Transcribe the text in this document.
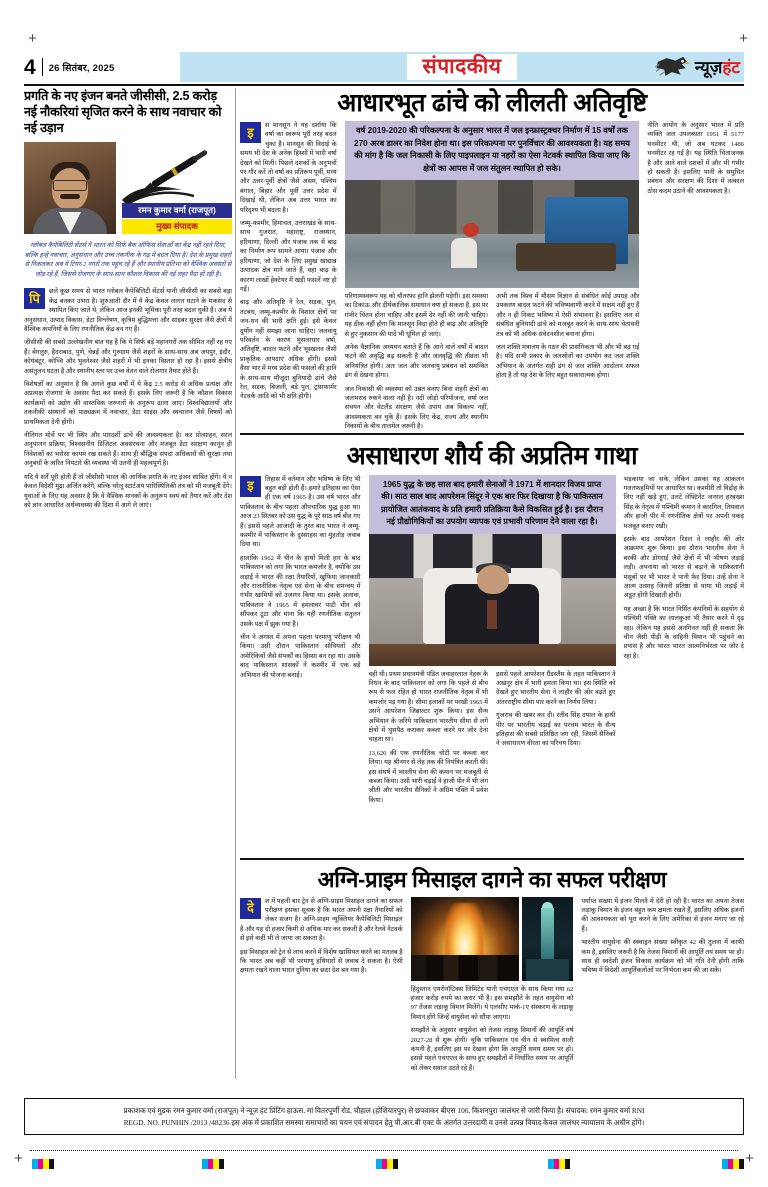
+	+
+	+
4 26 सितंबर, 2025	संपादकीय	न्यूज़हंट
प्रगति के नए इंजन बनते जीसीसी, 2.5 करोड़ नई नौकरियां सृजित करने के साथ नवाचार को नई उड़ान
रमन कुमार वर्मा (राजपूत)
मुख्य संपादक
ग्लोबल कैपेबिलिटी सेंटर्स ने भारत को सिर्फ बैक ऑफिस सेवाओं का केंद्र नहीं रहने दिया, बल्कि इन्हें नवाचार, अनुसंधान और उच्च तकनीक के गढ़ में बदल दिया है। देश के प्रमुख शहरों से निकलकर अब ये टियर-2 नगरों तक पहुंच रहे हैं और स्थानीय प्रतिभा को वैश्विक अवसरों से जोड़ रहे हैं, जिससे रोजगार के साथ-साथ कौशल विकास की नई लहर पैदा हो रही है।

पि	छले कुछ समय से भारत ग्लोबल कैपेबिलिटी सेंटर्स यानी जीसीसी का सबसे बड़ा केंद्र बनकर उभरा है। शुरुआती दौर में ये केंद्र केवल लागत घटाने के मकसद से स्थापित किए जाते थे, लेकिन आज इनकी भूमिका पूरी तरह बदल चुकी है। अब ये अनुसंधान, उत्पाद विकास, डेटा विश्लेषण, कृत्रिम बुद्धिमत्ता और साइबर सुरक्षा जैसे क्षेत्रों में वैश्विक कंपनियों के लिए रणनीतिक केंद्र बन गए हैं।

जीसीसी की सबसे उल्लेखनीय बात यह है कि ये सिर्फ बड़े महानगरों तक सीमित नहीं रह गए हैं। बेंगलुरु, हैदराबाद, पुणे, चेन्नई और गुरुग्राम जैसे शहरों के साथ-साथ अब जयपुर, इंदौर, कोयंबटूर, कोच्चि और भुवनेश्वर जैसे शहरों में भी इनका विस्तार हो रहा है। इससे क्षेत्रीय असंतुलन घटता है और स्थानीय स्तर पर उच्च वेतन वाले रोजगार तैयार होते हैं।

विशेषज्ञों का अनुमान है कि अगले कुछ वर्षों में ये केंद्र 2.5 करोड़ से अधिक प्रत्यक्ष और अप्रत्यक्ष रोजगार के अवसर पैदा कर सकते हैं। इसके लिए जरूरी है कि कौशल विकास कार्यक्रमों को उद्योग की वास्तविक जरूरतों के अनुरूप ढाला जाए। विश्वविद्यालयों और तकनीकी संस्थानों को पाठ्यक्रम में नवाचार, डेटा साइंस और स्वचालन जैसे विषयों को प्राथमिकता देनी होगी।

नीतिगत मोर्चे पर भी स्थिर और पारदर्शी ढांचे की आवश्यकता है। कर प्रोत्साहन, सरल अनुपालन प्रक्रिया, विश्वसनीय डिजिटल अवसंरचना और मजबूत डेटा संरक्षण कानून ही निवेशकों का भरोसा कायम रख सकते हैं। साथ ही बौद्धिक संपदा अधिकारों की सुरक्षा तथा अनुबंधों के त्वरित निपटारे की व्यवस्था भी उतनी ही महत्वपूर्ण है।

यदि ये शर्तें पूरी होती हैं तो जीसीसी भारत की आर्थिक प्रगति के नए इंजन साबित होंगे। ये न केवल विदेशी मुद्रा अर्जित करेंगे, बल्कि घरेलू स्टार्टअप पारिस्थितिकी तंत्र को भी मजबूती देंगे। युवाओं के लिए यह अवसर है कि वे वैश्विक मानकों के अनुरूप स्वयं को तैयार करें और देश को ज्ञान आधारित अर्थव्यवस्था की दिशा में आगे ले जाएं।

आधारभूत ढांचे को लीलती अतिवृष्टि

इ	स मानसून ने यह दर्शाया कि वर्षा का स्वरूप पूरी तरह बदल चुका है। मानसून की विदाई के समय भी देश के अनेक हिस्सों में भारी वर्षा देखने को मिली। पिछले दशकों के अनुभवों पर गौर करें तो वर्षा का प्रतिरूप पूर्वी, मध्य और उत्तर-पूर्वी क्षेत्रों जैसे असम, पश्चिम बंगाल, बिहार और पूर्वी उत्तर प्रदेश में दिखाई थी, लेकिन अब उत्तर भारत का परिदृश्य भी बदला है।

जम्मू-कश्मीर, हिमाचल, उत्तराखंड के साथ-साथ गुजरात, महाराष्ट्र, राजस्थान, हरियाणा, दिल्ली और पंजाब तक में बाढ़ का निर्माण रूप सामने आया। पंजाब और हरियाणा, जो देश के लिए प्रमुख खाद्यान्न उत्पादक क्षेत्र माने जाते हैं, वहां बाढ़ के कारण लाखों हेक्टेयर में खड़ी फसलें नष्ट हो गईं।

बाढ़ और अतिवृष्टि ने रेल, सड़क, पुल, तटबंध, जम्मू-कश्मीर के विशाल क्षेत्रों पर जन-धन की भारी क्षति हुई। इसे केवल दुर्योग नहीं समझा जाना चाहिए। जलवायु परिवर्तन के कारण मूसलाधार वर्षा, अतिवृष्टि, बादल फटने और भूस्खलन जैसी प्राकृतिक आपदाएं अधिक होंगी। इससे वैसा भार में मध्य प्रदेश की फसलों की हानि के साथ-साथ मौजूदा बुनियादी ढांचे जैसे रेल, सड़क, बिजली, बड़े पुल, ट्रांसफार्मर नेटवर्क आदि को भी क्षति होगी।

वर्ष 2019-2020 की परिकल्पना के अनुसार भारत में जल इन्फ्रास्ट्रक्चर निर्माण में 15 वर्षों तक 270 अरब डालर का निवेश होना था। इस परिकल्पना पर पुनर्विचार की आवश्यकता है। यह समय की मांग है कि जल निकासी के लिए पाइपलाइन या नहरों का ऐसा नेटवर्क स्थापित किया जाए कि क्षेत्रों का आपस में जल संतुलन स्थापित हो सके।

परिणामस्वरूप यह को चौतरफा हानि झेलनी पड़ेगी। इस समस्या का टिकाऊ और दीर्घकालिक समाधान क्या हो सकता है, इस पर गंभीर चिंतन होना चाहिए और इसमें देर नहीं की जानी चाहिए। यह ठीक नहीं होगा कि मानसून विदा होते ही बाढ़ और अतिवृष्टि से हुए नुकसान की यादें भी धूमिल हो जाएं।

अनेक वैज्ञानिक अध्ययन बताते हैं कि आने वाले वर्षों में बादल फटने की अवृद्धि बढ़ सकती है और जलवृद्धि की तीव्रता भी अनियंत्रित होगी। अतः जल और जलवायु प्रबंधन को समन्वित ढंग से देखना होगा।

जल निकासी की व्यवस्था को उन्नत बनाए बिना शहरी क्षेत्रों का जलभराव रुकने वाला नहीं है। नदी जोड़ो परियोजना, वर्षा जल संचयन और वेटलैंड संरक्षण जैसे उपाय अब विकल्प नहीं, आवश्यकता बन चुके हैं। इसके लिए केंद्र, राज्य और स्थानीय निकायों के बीच तालमेल जरूरी है।

अभी तक विश्व में मौसम विज्ञान से संबंधित कोई उपग्रह और उपकरण बादल फटने की भविष्यवाणी करने में सक्षम नहीं हुए हैं और न ही निकट भविष्य में ऐसी संभावना है। इसलिए जल से संबंधित बुनियादी ढांचे को मजबूत करने के साथ-साथ चेतावनी तंत्र को भी अधिक संवेदनशील बनाना होगा।

जल शक्ति मंत्रालय के गठन की प्रासंगिकता भी और भी बढ़ गई है। यदि सभी प्रकार के जलस्रोतों का उपयोग कर जल शक्ति अभियान के अंतर्गत सही ढंग से जल शक्ति आंदोलन सफल होता है तो यह देश के लिए बहुत सकारात्मक होगा।

नीति आयोग के अनुसार भारत में प्रति व्यक्ति जल उपलब्धता 1951 में 5177 घनमीटर थी, जो अब घटकर 1486 घनमीटर रह गई है। यह स्थिति चिंताजनक है और आने वाले दशकों में और भी गंभीर हो सकती है। इसलिए पानी के समुचित प्रबंधन और संरक्षण की दिशा में तत्काल ठोस कदम उठाने की आवश्यकता है।

असाधारण शौर्य की अप्रतिम गाथा

इ	तिहास में वर्तमान और भविष्य के लिए भी बहुत बड़ी होती हैं। हमारे इतिहास का ऐसा ही एक वर्ष 1965 है। उस वर्ष भारत और पाकिस्तान के बीच पहला औपचारिक युद्ध हुआ था। आज 23 सितंबर को उस युद्ध के पूरे साठ वर्ष बीत गए हैं। इससे पहले आजादी के तुरंत बाद भारत ने जम्मू-कश्मीर में पाकिस्तान के दुस्साहस का मुंहतोड़ जवाब दिया था।

हालांकि 1962 में चीन के हाथों मिली हार के बाद पाकिस्तान को लगा कि भारत कमजोर है, क्योंकि उस लड़ाई ने भारत की रक्षा तैयारियों, खुफिया जानकारी और राजनीतिक नेतृत्व एवं सेना के बीच समन्वय में गंभीर खामियों को उजागर किया था। इसके अलावा, पाकिस्तान ने 1965 में हमलावर पाटी चीन को सौंपकर टूटा और माना कि यही रणनीतिक संतुलन उसके पक्ष में झुक गया है।

चीन ने अगस्त में अपना पहला परमाणु परीक्षण भी किया। उसी दौरान पाकिस्तान सोवियतों और अमेरिकियों जैसे संपर्कों का हिस्सा बन रहा था। उसके बाद पाकिस्तान शासकों ने कश्मीर में एक बड़े अभियान की योजना बनाई।

1965 युद्ध के छह साल बाद हमारी सेनाओं ने 1971 में शानदार विजय प्राप्त की। साठ साल बाद आपरेशन सिंदूर ने एक बार फिर दिखाया है कि पाकिस्तान प्रायोजित आतंकवाद के प्रति हमारी प्रतिक्रिया कैसे विकसित हुई है। इस दौरान नई प्रौद्योगिकियों का उपयोग व्यापक एवं प्रभावी परिणाम देने वाला रहा है।

वही थी। प्रथम प्रधानमंत्री पंडित जवाहरलाल नेहरू के निधन के बाद पाकिस्तान को लगा कि पहले से बीच रूप से फल रहित हो भारत राजनीतिक नेतृत्व में भी कमजोर पड़ गया है। सीमा इलाकों पर परखी 1965 में उसने आपरेशन जिब्राल्टर शुरू किया। इस सैन्य अभियान के जरिये पाकिस्तान भारतीय सीमा से लगे क्षेत्रों में घुसपैठ कराकर कब्जा करने पर जोर देना चाहता था।

13,620 की एक रणनीतिक चोटी पर कब्जा कर लिया। यह श्रीनगर से लेह तक की नियंत्रित करती थी। इस संघर्ष में भारतीय सेना की कमान पर मजबूती से कब्जा किया। उसी भारी चढ़ाई ने हाजी पीर में भी जंग जीती और भारतीय सैनिकों ने अग्रिम पंक्ति में प्रवेश किया।

इससे पहले आपरेशन ग्रैंडस्लैम के तहत पाकिस्तान ने अखनूर क्षेत्र में भारी हमला किया था। इस स्थिति को देखते हुए भारतीय सेना ने लाहौर की ओर बढ़ते हुए अंतरराष्ट्रीय सीमा पार करने का निर्णय लिया।

गुंजराव की खबर कर दी। रतीव सिंह दयाल के हाथी पीर पर भारतीय चढ़ाई का परचम भारत के सैन्य इतिहास की सबसे प्रतिष्ठित जंग रही, जिसमें सैनिकों ने असाधारण वीरता का परिचय दिया।

भड़काया जा सके, लेकिन उसका यह आकलन गलतफहमियों पर आधारित था। कश्मीरी तो विद्रोह के लिए नहीं खड़े हुए, उलटे लेफ्टिनेंट जनरल हरबख्श सिंह के नेतृत्व में पश्चिमी कमान ने कारगिल, तिथवाल और हाजी पीर में रणनीतिक क्षेत्रों पर अपनी पकड़ मजबूत बनाए रखी।

इसके बाद आपरेशन रिडल ने लाहौर की ओर आक्रमण शुरू किया। इस दौरान भारतीय सेना ने बरकी और डोगराई जैसे क्षेत्रों में भी भीषण लड़ाई लड़ी। अपनाया को भारत से बढ़ाने के पाकिस्तानी मंसूबों पर भी भारत ने पानी फेर दिया। उन्हें सेना ने आत्म उत्साह जितनी प्रतिष्ठा से पाया भी लड़ाई में अडूत होंगी दिखाती होगी।

यह अच्छा है कि भारत निर्मित कंपनियों के सहयोग से पश्चिमी पंक्ति का लालकुआं भी तैयार करने में दृढ़ रहा। लेकिन यह इससे अनगिनत नहीं ही सकता कि चीन जैसी पीड़ी के वाहिनी विमान भी पहुंचने का प्रयास है और भारत भारत आत्मनिर्भरता पर जोर दे रहा है।

अग्नि-प्राइम मिसाइल दागने का सफल परीक्षण

दे	श में पहली बार ट्रेन से अग्नि-प्राइम मिसाइल दागने का सफल परीक्षण इसका सूचक है कि भारत अपनी रक्षा तैयारियों को लेकर सजग है। अग्नि-प्राइम न्यूक्लियर कैपेबिलिटी मिसाइल है और यह दो हजार किमी से अधिक मार कर सकती है और रेलवे नेटवर्क से इसे कहीं भी ले जाया जा सकता है।

इस मिसाइल को ट्रेन से लांच करने में विशेष खासियत करने का मतलब है कि भारत अब कहीं भी परमाणु हथियारों से जवाब दे सकता है। ऐसी क्षमता रखने वाला भारत दुनिया का छठा देश बन गया है।

हिंदुस्तान एयरोनॉटिक्स लिमिटेड यानी एचएएल के साथ किया गया 62 हजार करोड़ रुपये का करार भी है। इस समझौते के तहत वायुसेना को 97 तेजस लड़ाकू विमान मिलेंगे। ये एलसीए मार्क-1ए संस्करण के लड़ाकू विमान होंगे जिन्हें वायुसेना को सौंपा जाएगा।

समझौते के अनुसार वायुसेना को तेजस लड़ाकू विमानों की आपूर्ति वर्ष 2027-28 से शुरू होगी। चूंकि पाकिस्तान एवं चीन से स्वामित्व वाली कंपनी है, इसलिए इस पर देखना होगा कि आपूर्ति समय समय पर हो। इससे पहले एचएएल के साथ हुए समझौतों में निर्धारित समय पर आपूर्ति को लेकर सवाल उठते रहे हैं।

पर्याप्त संख्या में इंजन मिलने में देरी हो रही है। भारत का अपना तेजस लड़ाकू विमान के इंजन बहुत कम क्षमता रखते हैं, इसलिए अधिक इंजनों की आवश्यकता को पूरा करने के लिए अमेरिका से इंजन मंगाए जा रहे हैं।

भारतीय वायुसेना की स्क्वाड्रन संख्या स्वीकृत 42 की तुलना में काफी कम है, इसलिए जरूरी है कि तेजस विमानों की आपूर्ति तय समय पर हो। साथ ही स्वदेशी इंजन विकास कार्यक्रम को भी गति देनी होगी ताकि भविष्य में विदेशी आपूर्तिकर्ताओं पर निर्भरता कम की जा सके।

प्रकाशक एवं मुद्रक रमन कुमार वर्मा (राजपूत) ने न्यूज़ हंट प्रिंटिंग हाऊस, मां वितरपूर्णी रोड, चौहाल (होशियारपुर) से छपवाकर बीएस 106, किशनपुरा जालंधर से जारी किया है। संपादक: रमन कुमार वर्मा RNI

REGD. NO. PUNHIN /2013 /48236 इस अंक में प्रकाशित समस्या समाचारों का चयन एवं संपादन हेतु पी.आर.बी एक्ट के अंतर्गत उत्तरदायी व उनसे उत्पन्न विवाद केवल जालंधर न्यायालय के अधीन होंगे।
